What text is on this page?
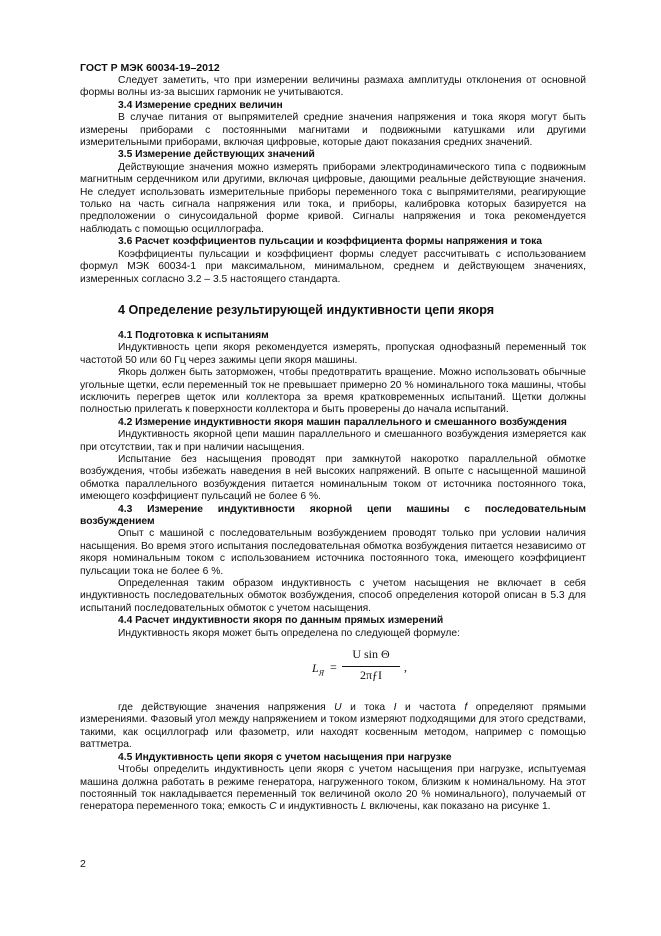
ГОСТ Р МЭК 60034-19–2012

Следует заметить, что при измерении величины размаха амплитуды отклонения от основной формы волны из-за высших гармоник не учитываются.

3.4 Измерение средних величин

В случае питания от выпрямителей средние значения напряжения и тока якоря могут быть измерены приборами с постоянными магнитами и подвижными катушками или другими измерительными приборами, включая цифровые, которые дают показания средних значений.

3.5 Измерение действующих значений

Действующие значения можно измерять приборами электродинамического типа с подвижным магнитным сердечником или другими, включая цифровые, дающими реальные действующие значения. Не следует использовать измерительные приборы переменного тока с выпрямителями, реагирующие только на часть сигнала напряжения или тока, и приборы, калибровка которых базируется на предположении о синусоидальной форме кривой. Сигналы напряжения и тока рекомендуется наблюдать с помощью осциллографа.

3.6 Расчет коэффициентов пульсации и коэффициента формы напряжения и тока

Коэффициенты пульсации и коэффициент формы следует рассчитывать с использованием формул МЭК 60034-1 при максимальном, минимальном, среднем и действующем значениях, измеренных согласно 3.2 – 3.5 настоящего стандарта.

4 Определение результирующей индуктивности цепи якоря

4.1 Подготовка к испытаниям

Индуктивность цепи якоря рекомендуется измерять, пропуская однофазный переменный ток частотой 50 или 60 Гц через зажимы цепи якоря машины.

Якорь должен быть заторможен, чтобы предотвратить вращение. Можно использовать обычные угольные щетки, если переменный ток не превышает примерно 20 % номинального тока машины, чтобы исключить перегрев щеток или коллектора за время кратковременных испытаний. Щетки должны полностью прилегать к поверхности коллектора и быть проверены до начала испытаний.

4.2 Измерение индуктивности якоря машин параллельного и смешанного возбуждения

Индуктивность якорной цепи машин параллельного и смешанного возбуждения измеряется как при отсутствии, так и при наличии насыщения.

Испытание без насыщения проводят при замкнутой накоротко параллельной обмотке возбуждения, чтобы избежать наведения в ней высоких напряжений. В опыте с насыщенной машиной обмотка параллельного возбуждения питается номинальным током от источника постоянного тока, имеющего коэффициент пульсаций не более 6 %.

4.3 Измерение индуктивности якорной цепи машины с последовательным

возбуждением

Опыт с машиной с последовательным возбуждением проводят только при условии наличия насыщения. Во время этого испытания последовательная обмотка возбуждения питается независимо от якоря номинальным током с использованием источника постоянного тока, имеющего коэффициент пульсации тока не более 6 %.

Определенная таким образом индуктивность с учетом насыщения не включает в себя индуктивность последовательных обмоток возбуждения, способ определения которой описан в 5.3 для испытаний последовательных обмоток с учетом насыщения.

4.4 Расчет индуктивности якоря по данным прямых измерений

Индуктивность якоря может быть определена по следующей формуле:

$L_Я$ =
U sin Θ
2πƒI
,

где действующие значения напряжения U и тока I и частота f определяют прямыми измерениями. Фазовый угол между напряжением и током измеряют подходящими для этого средствами, такими, как осциллограф или фазометр, или находят косвенным методом, например с помощью ваттметра.

4.5 Индуктивность цепи якоря с учетом насыщения при нагрузке

Чтобы определить индуктивность цепи якоря с учетом насыщения при нагрузке, испытуемая машина должна работать в режиме генератора, нагруженного током, близким к номинальному. На этот постоянный ток накладывается переменный ток величиной около 20 % номинального), получаемый от генератора переменного тока; емкость C и индуктивность L включены, как показано на рисунке 1.

2
